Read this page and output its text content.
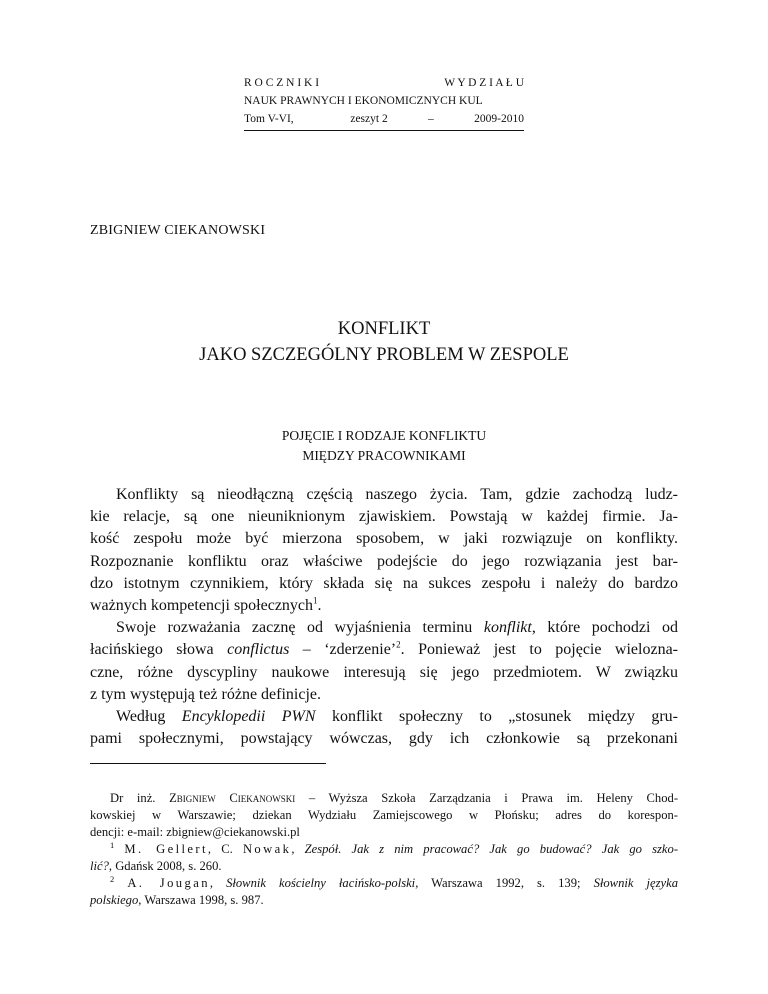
R O C Z N I K I	W Y D Z I A Ł U
NAUK PRAWNYCH I EKONOMICZNYCH KUL
Tom V-VI,	zeszyt 2	–	2009-2010
ZBIGNIEW CIEKANOWSKI
KONFLIKT
JAKO SZCZEGÓLNY PROBLEM W ZESPOLE
POJĘCIE I RODZAJE KONFLIKTU
MIĘDZY PRACOWNIKAMI
Konflikty są nieodłączną częścią naszego życia. Tam, gdzie zachodzą ludz-
kie relacje, są one nieuniknionym zjawiskiem. Powstają w każdej firmie. Ja-
kość zespołu może być mierzona sposobem, w jaki rozwiązuje on konflikty.
Rozpoznanie konfliktu oraz właściwe podejście do jego rozwiązania jest bar-
dzo istotnym czynnikiem, który składa się na sukces zespołu i należy do bardzo
ważnych kompetencji społecznych$^1$.
Swoje rozważania zacznę od wyjaśnienia terminu konflikt, które pochodzi od
łacińskiego słowa conflictus – ‘zderzenie’$^2$. Ponieważ jest to pojęcie wielozna-
czne, różne dyscypliny naukowe interesują się jego przedmiotem. W związku
z tym występują też różne definicje.
Według Encyklopedii PWN konflikt społeczny to „stosunek między gru-
pami społecznymi, powstający wówczas, gdy ich członkowie są przekonani
Dr inż. Zbigniew Ciekanowski – Wyższa Szkoła Zarządzania i Prawa im. Heleny Chod-
kowskiej w Warszawie; dziekan Wydziału Zamiejscowego w Płońsku; adres do korespon-
dencji: e-mail: zbigniew@ciekanowski.pl
$^1$ M. Gellert, C. Nowak, Zespół. Jak z nim pracować? Jak go budować? Jak go szko-
lić?, Gdańsk 2008, s. 260.
$^2$ A. Jougan, Słownik kościelny łacińsko-polski, Warszawa 1992, s. 139; Słownik języka
polskiego, Warszawa 1998, s. 987.
